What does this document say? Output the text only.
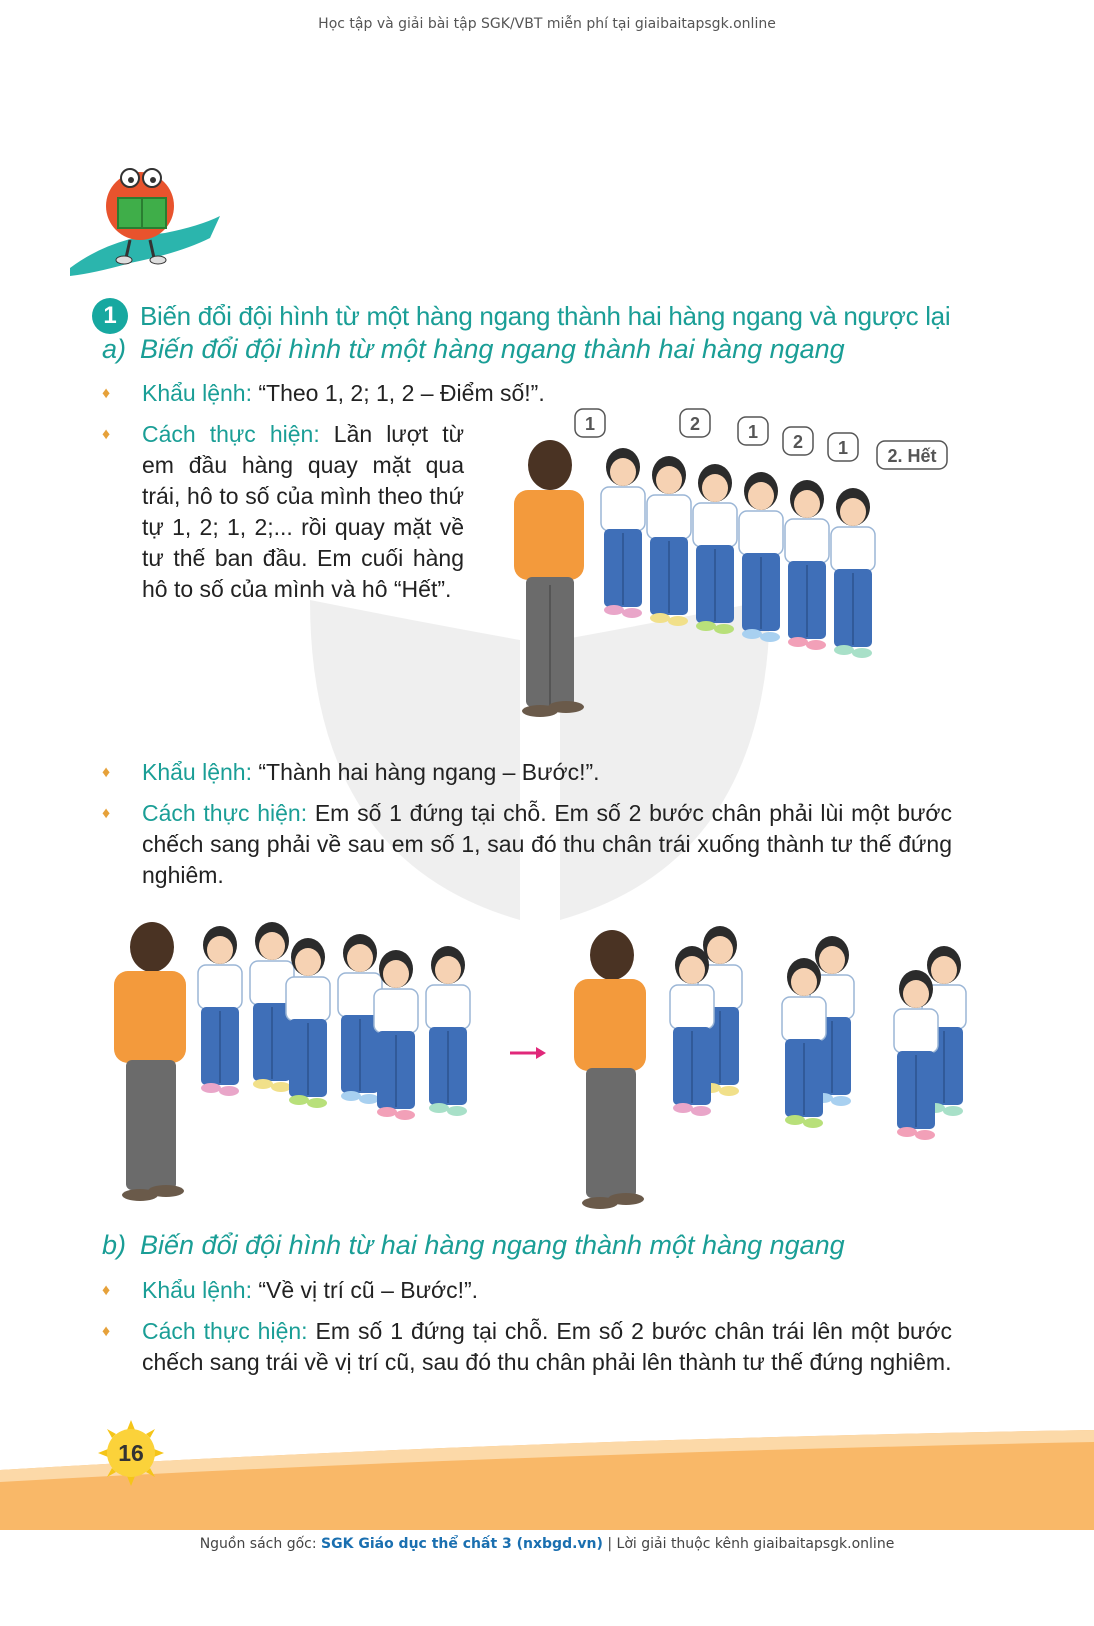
Học tập và giải bài tập SGK/VBT miễn phí tại giaibaitapsgk.online
1 Biến đổi đội hình từ một hàng ngang thành hai hàng ngang và ngược lại
a) Biến đổi đội hình từ một hàng ngang thành hai hàng ngang
♦ Khẩu lệnh: “Theo 1, 2; 1, 2 – Điểm số!”.
♦ Cách thực hiện: Lần lượt từ em đầu hàng quay mặt qua trái, hô to số của mình theo thứ tự 1, 2; 1, 2;... rồi quay mặt về tư thế ban đầu. Em cuối hàng hô to số của mình và hô “Hết”.
1	2	1 2 1 2. Hết
♦ Khẩu lệnh: “Thành hai hàng ngang – Bước!”.
♦ Cách thực hiện: Em số 1 đứng tại chỗ. Em số 2 bước chân phải lùi một bước chếch sang phải về sau em số 1, sau đó thu chân trái xuống thành tư thế đứng nghiêm.
b) Biến đổi đội hình từ hai hàng ngang thành một hàng ngang
♦ Khẩu lệnh: “Về vị trí cũ – Bước!”.
♦ Cách thực hiện: Em số 1 đứng tại chỗ. Em số 2 bước chân trái lên một bước chếch sang trái về vị trí cũ, sau đó thu chân phải lên thành tư thế đứng nghiêm.
16
Nguồn sách gốc: SGK Giáo dục thể chất 3 (nxbgd.vn) | Lời giải thuộc kênh giaibaitapsgk.online
